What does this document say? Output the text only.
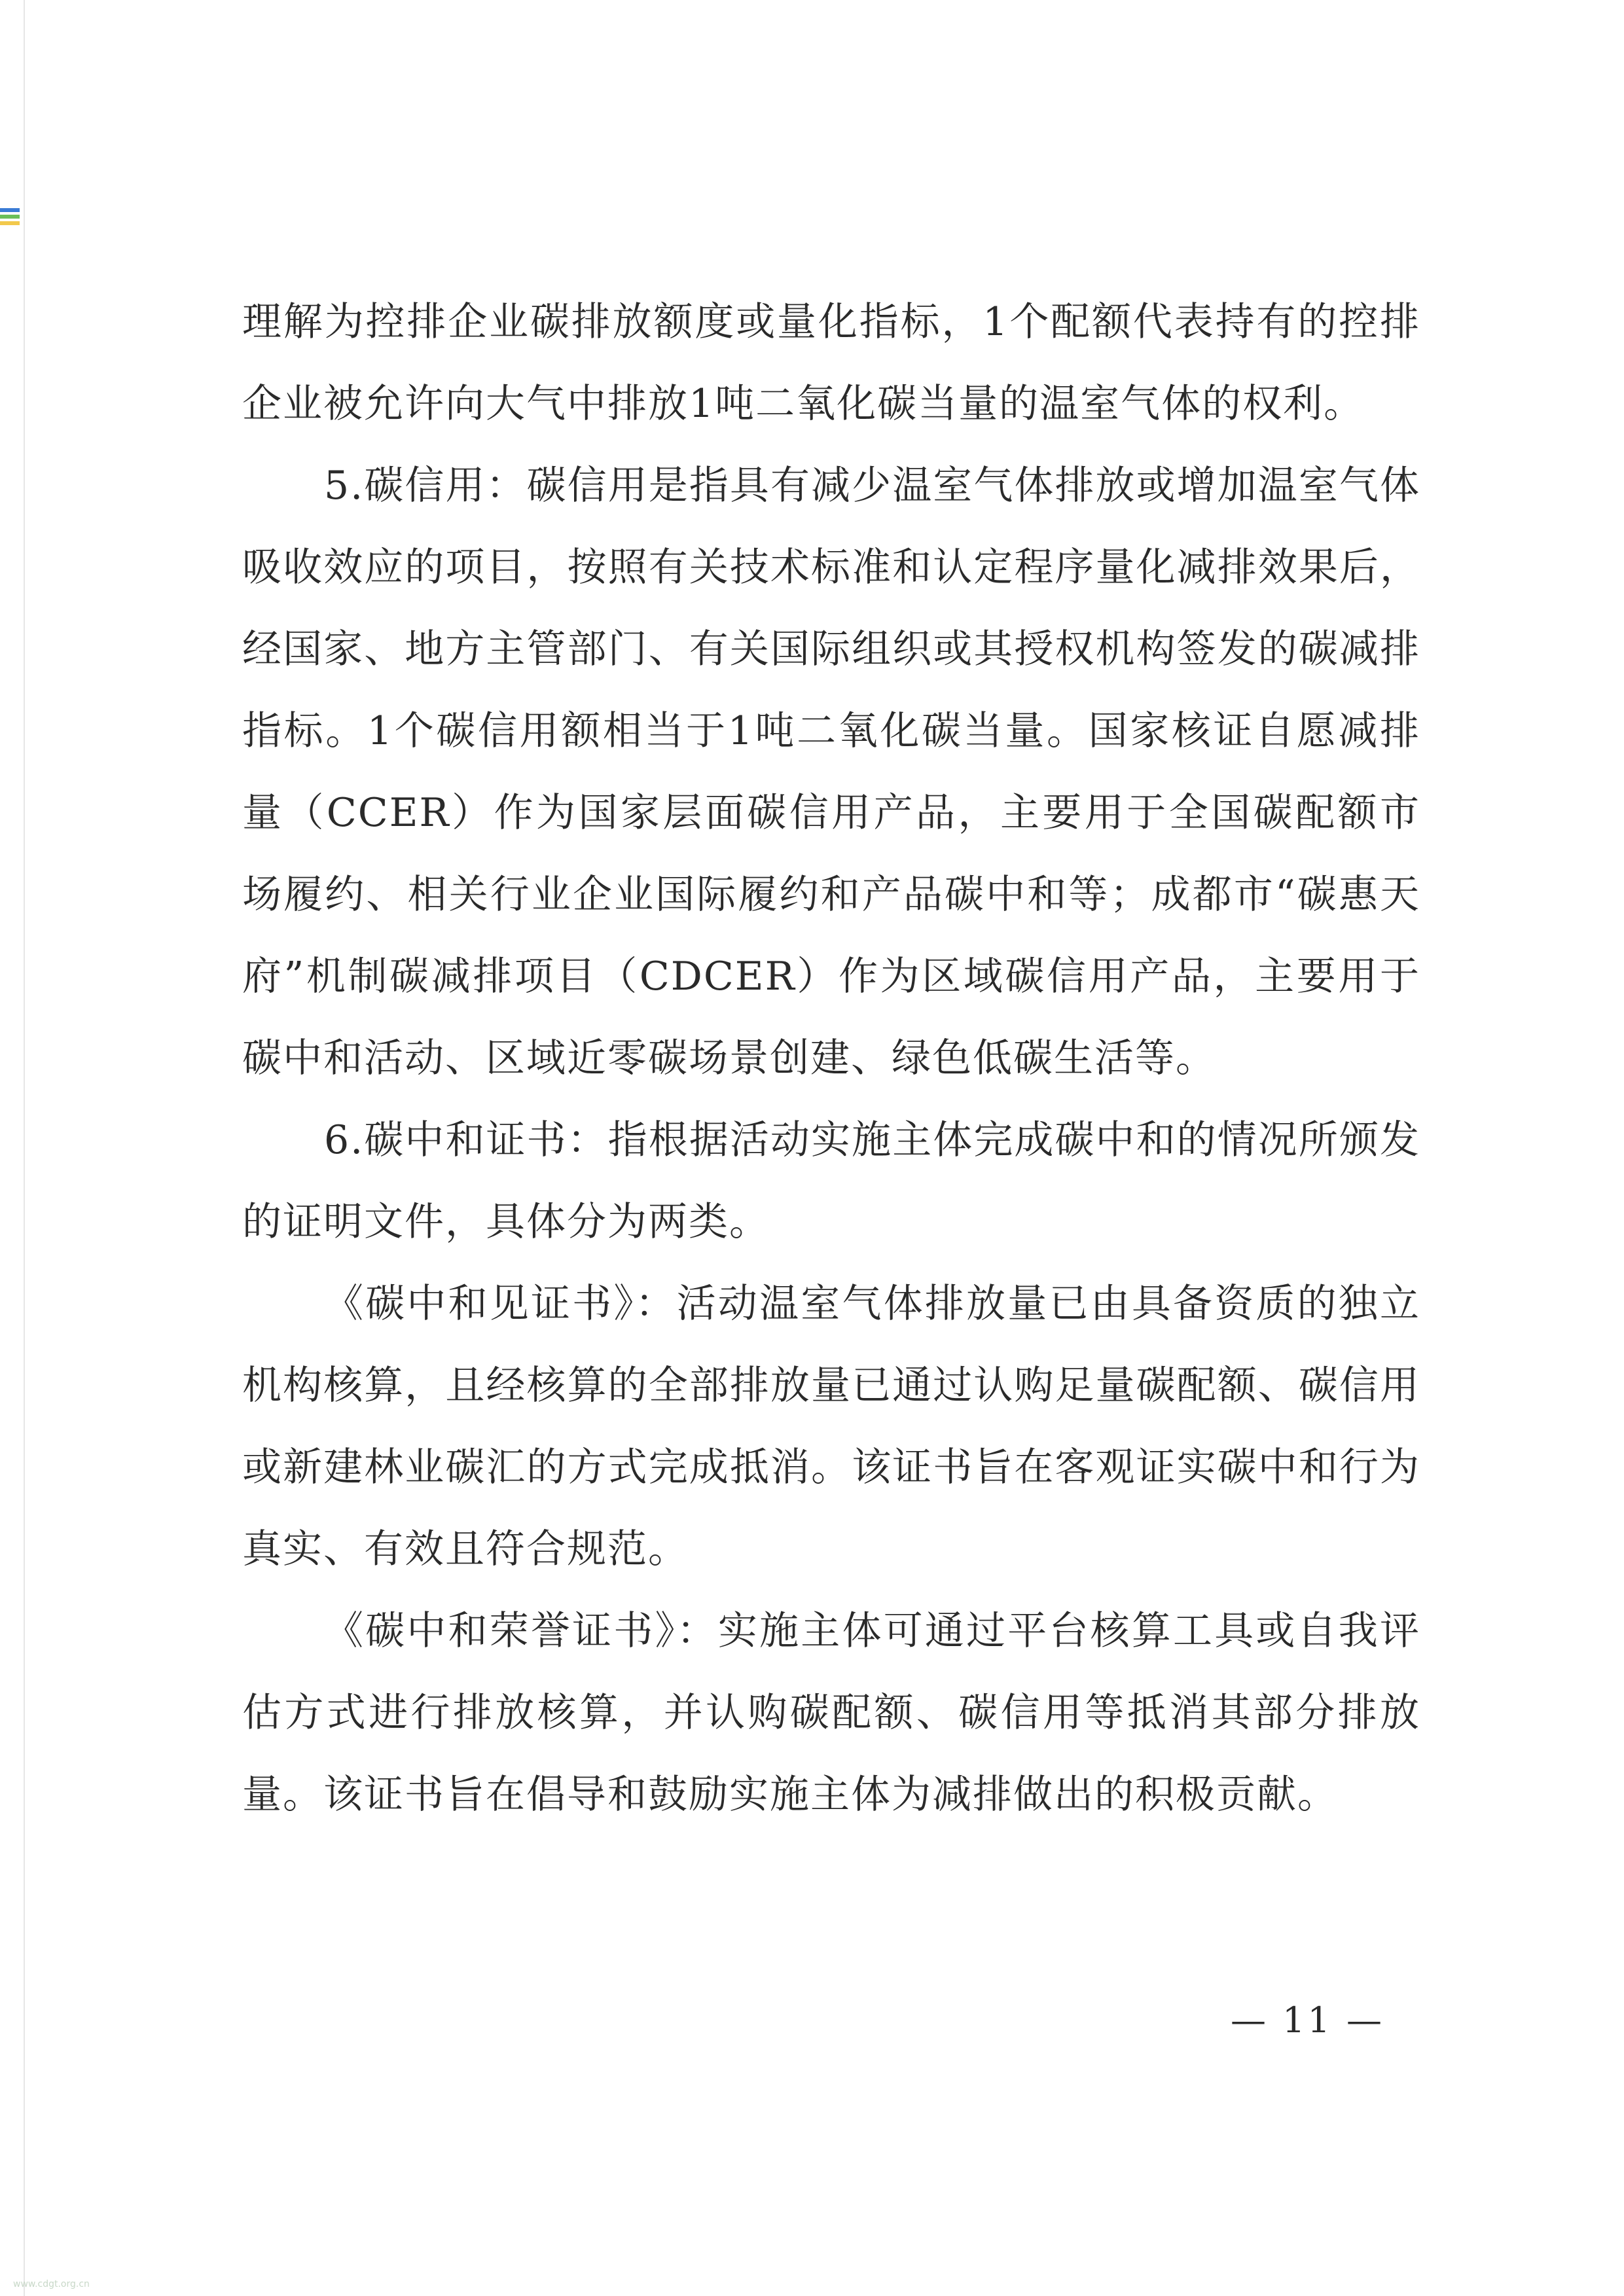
理解为控排企业碳排放额度或量化指标，1个配额代表持有的控排企业被允许向大气中排放1吨二氧化碳当量的温室气体的权利。

5.碳信用：碳信用是指具有减少温室气体排放或增加温室气体吸收效应的项目，按照有关技术标准和认定程序量化减排效果后，经国家、地方主管部门、有关国际组织或其授权机构签发的碳减排指标。1个碳信用额相当于1吨二氧化碳当量。国家核证自愿减排量（CCER）作为国家层面碳信用产品，主要用于全国碳配额市场履约、相关行业企业国际履约和产品碳中和等；成都市“碳惠天府”机制碳减排项目（CDCER）作为区域碳信用产品，主要用于碳中和活动、区域近零碳场景创建、绿色低碳生活等。

6.碳中和证书：指根据活动实施主体完成碳中和的情况所颁发的证明文件，具体分为两类。

《碳中和见证书》：活动温室气体排放量已由具备资质的独立机构核算，且经核算的全部排放量已通过认购足量碳配额、碳信用或新建林业碳汇的方式完成抵消。该证书旨在客观证实碳中和行为真实、有效且符合规范。

《碳中和荣誉证书》：实施主体可通过平台核算工具或自我评估方式进行排放核算，并认购碳配额、碳信用等抵消其部分排放量。该证书旨在倡导和鼓励实施主体为减排做出的积极贡献。

— 11 —
www.cdgt.org.cn
